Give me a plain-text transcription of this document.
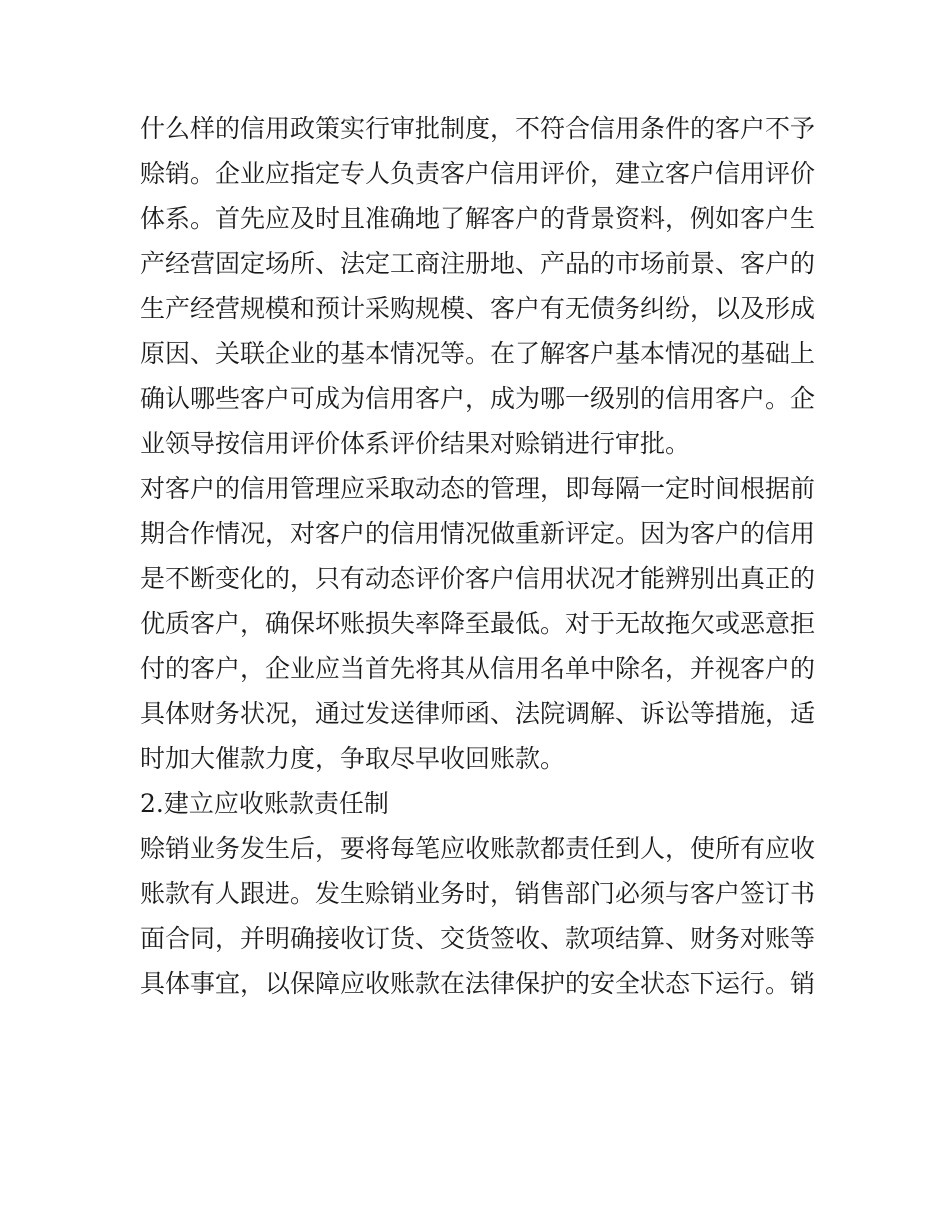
什么样的信用政策实行审批制度，不符合信用条件的客户不予
赊销。企业应指定专人负责客户信用评价，建立客户信用评价
体系。首先应及时且准确地了解客户的背景资料，例如客户生
产经营固定场所、法定工商注册地、产品的市场前景、客户的
生产经营规模和预计采购规模、客户有无债务纠纷，以及形成
原因、关联企业的基本情况等。在了解客户基本情况的基础上
确认哪些客户可成为信用客户，成为哪一级别的信用客户。企
业领导按信用评价体系评价结果对赊销进行审批。
对客户的信用管理应采取动态的管理，即每隔一定时间根据前
期合作情况，对客户的信用情况做重新评定。因为客户的信用
是不断变化的，只有动态评价客户信用状况才能辨别出真正的
优质客户，确保坏账损失率降至最低。对于无故拖欠或恶意拒
付的客户，企业应当首先将其从信用名单中除名，并视客户的
具体财务状况，通过发送律师函、法院调解、诉讼等措施，适
时加大催款力度，争取尽早收回账款。
2.建立应收账款责任制
赊销业务发生后，要将每笔应收账款都责任到人，使所有应收
账款有人跟进。发生赊销业务时，销售部门必须与客户签订书
面合同，并明确接收订货、交货签收、款项结算、财务对账等
具体事宜，以保障应收账款在法律保护的安全状态下运行。销
